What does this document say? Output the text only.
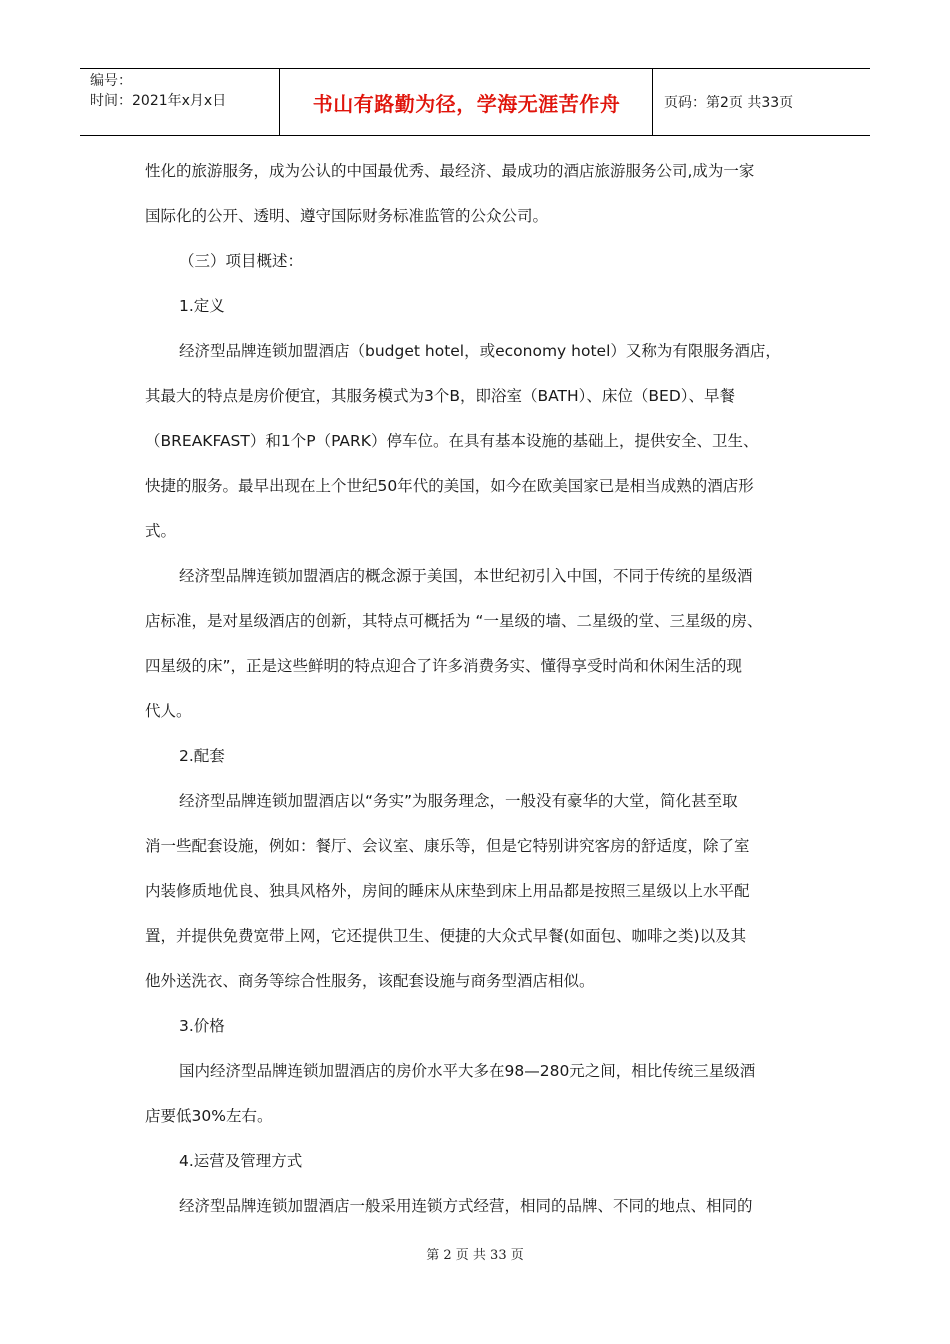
编号：
时间：2021年x月x日	书山有路勤为径，学海无涯苦作舟	页码：第2页 共33页

性化的旅游服务，成为公认的中国最优秀、最经济、最成功的酒店旅游服务公司,成为一家

国际化的公开、透明、遵守国际财务标准监管的公众公司。

（三）项目概述：

1.定义

经济型品牌连锁加盟酒店（budget hotel，或economy hotel）又称为有限服务酒店，

其最大的特点是房价便宜，其服务模式为3个B，即浴室（BATH）、床位（BED）、早餐

（BREAKFAST）和1个P（PARK）停车位。在具有基本设施的基础上，提供安全、卫生、

快捷的服务。最早出现在上个世纪50年代的美国，如今在欧美国家已是相当成熟的酒店形

式。

经济型品牌连锁加盟酒店的概念源于美国，本世纪初引入中国，不同于传统的星级酒

店标准，是对星级酒店的创新，其特点可概括为 “一星级的墙、二星级的堂、三星级的房、

四星级的床”，正是这些鲜明的特点迎合了许多消费务实、懂得享受时尚和休闲生活的现

代人。

2.配套

经济型品牌连锁加盟酒店以“务实”为服务理念，一般没有豪华的大堂，简化甚至取

消一些配套设施，例如：餐厅、会议室、康乐等，但是它特别讲究客房的舒适度，除了室

内装修质地优良、独具风格外，房间的睡床从床垫到床上用品都是按照三星级以上水平配

置，并提供免费宽带上网，它还提供卫生、便捷的大众式早餐(如面包、咖啡之类)以及其

他外送洗衣、商务等综合性服务，该配套设施与商务型酒店相似。

3.价格

国内经济型品牌连锁加盟酒店的房价水平大多在98—280元之间，相比传统三星级酒

店要低30%左右。

4.运营及管理方式

经济型品牌连锁加盟酒店一般采用连锁方式经营，相同的品牌、不同的地点、相同的

第 2 页 共 33 页
